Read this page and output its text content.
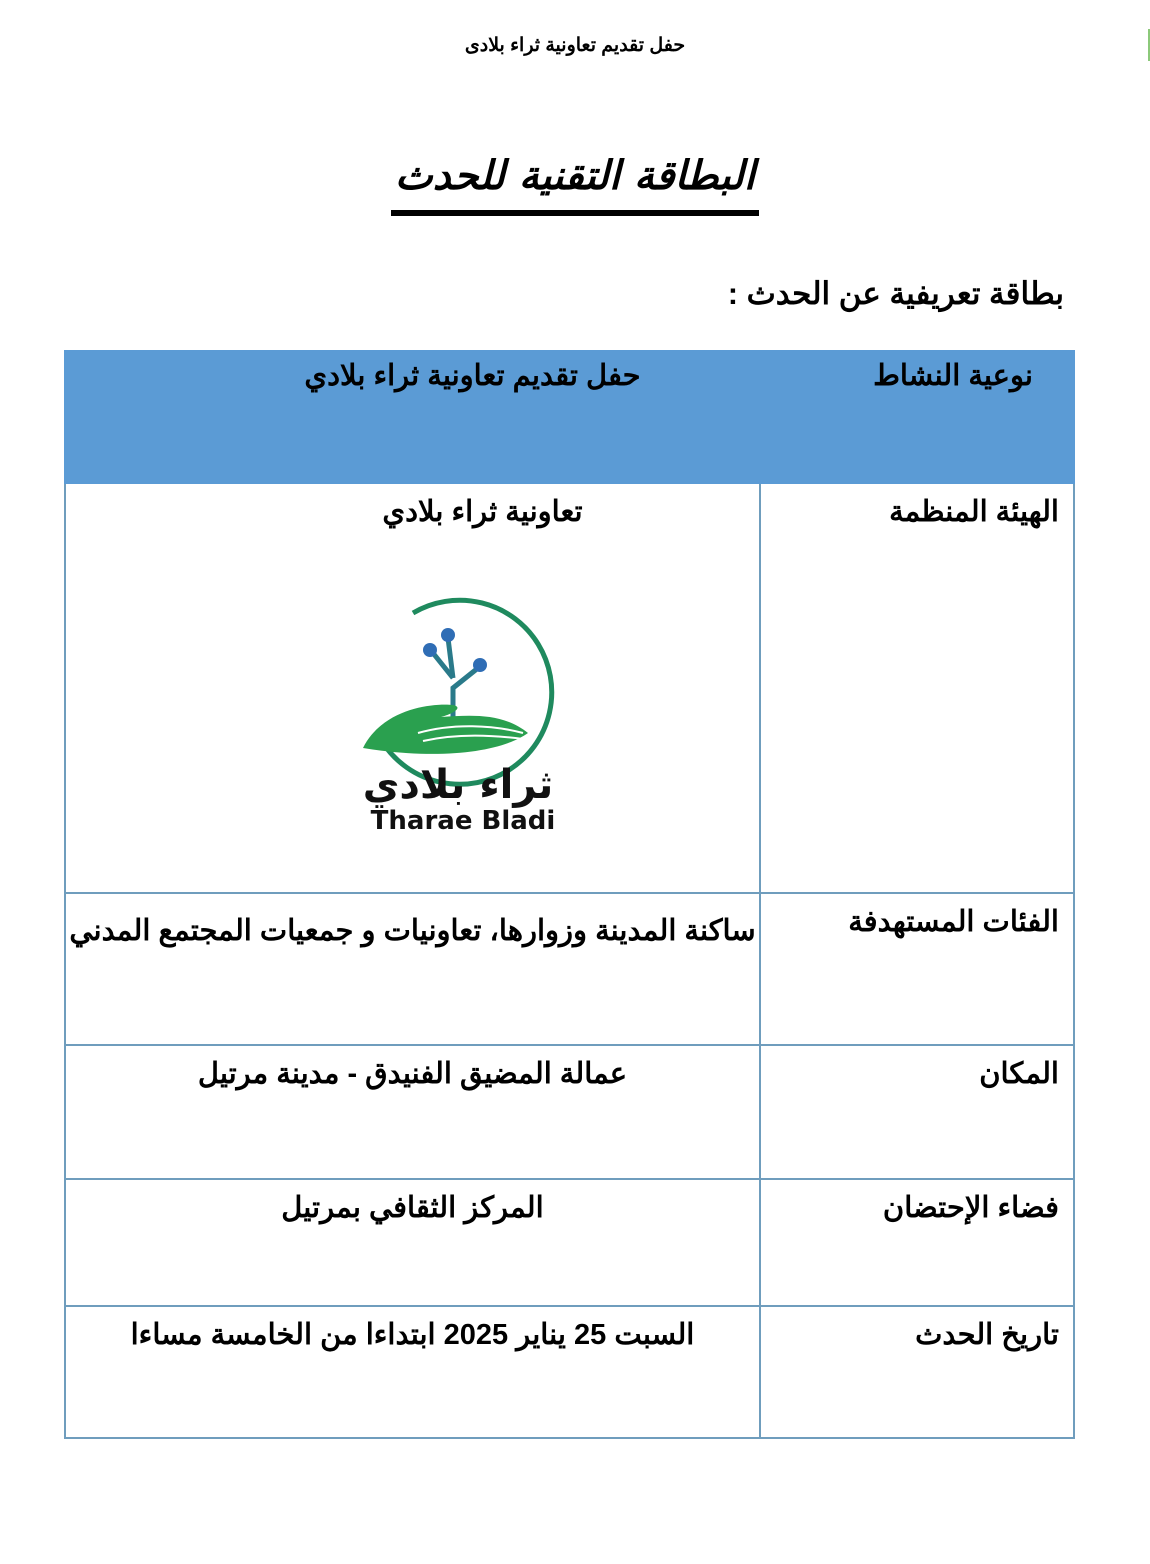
حفل تقديم تعاونية ثراء بلادى
البطاقة التقنية للحدث
بطاقة تعريفية عن الحدث :
نوعية النشاط	حفل تقديم تعاونية ثراء بلادي
الهيئة المنظمة	تعاونية ثراء بلادي
ثراء بلادي
Tharae Bladi

الفئات المستهدفة	ساكنة المدينة وزوارها، تعاونيات و جمعيات المجتمع المدني
المكان	عمالة المضيق الفنيدق - مدينة مرتيل
فضاء الإحتضان	المركز الثقافي بمرتيل
تاريخ الحدث	السبت 25 يناير 2025 ابتداءا من الخامسة مساءا
